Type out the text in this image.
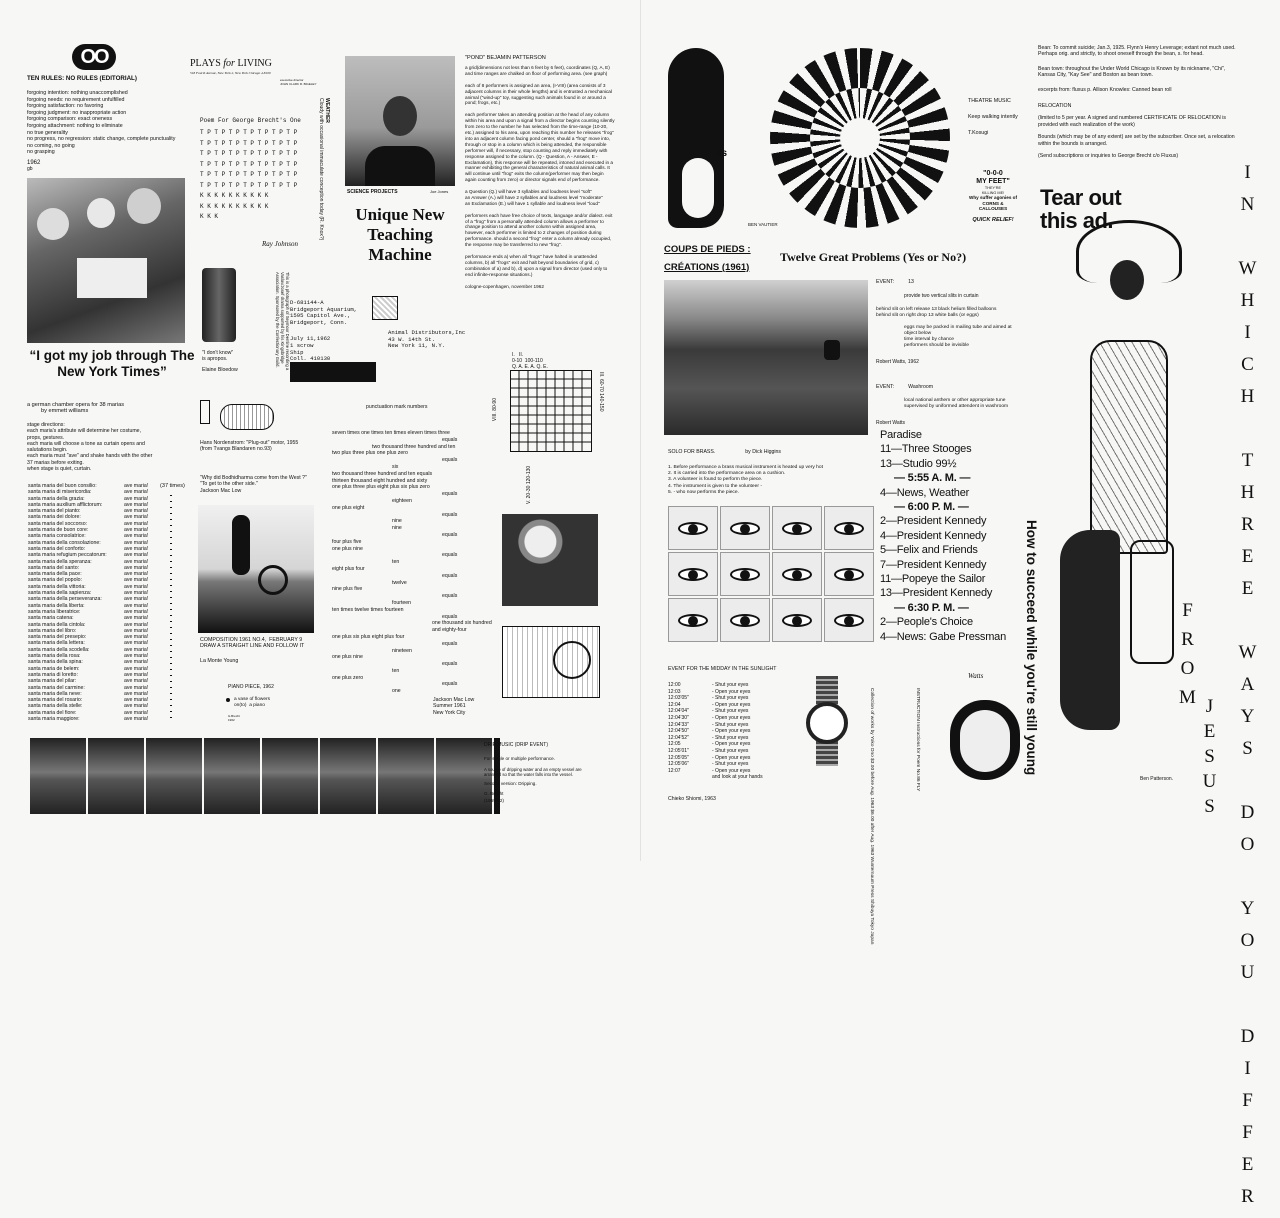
OO
TEN RULES: NO RULES (EDITORIAL)
forgoing intention: nothing unaccomplished
forgoing needs: no requirement unfulfilled
forgoing satisfaction: no favoring
forgoing judgment: no inappropriate action
forgoing comparison: exact oneness
forgoing attachment: nothing to eliminate
no true generality
no progress, no regression: static change, complete punctuality
no coming, no going
no grasping
1962
gb
“I got my job through The New York Times”
a german chamber opera for 38 marias
by emmett williams
stage directions:
each maria's attribute will determine her costume,
props, gestures.
each maria will choose a tone as curtain opens and
salutations begin.
each maria must "ave" and shake hands with the other
37 marias before exiting.
when stage is quiet, curtain.
(37 times)
santa maria del buon consilio:	ave maria!
santa maria di misericordia:	ave maria!
santa maria della grazia:	ave maria!
santa maria auxilium afflictorum:	ave maria!
santa maria del pianto:	ave maria!
santa maria dei dolore:	ave maria!
santa maria del soccorso:	ave maria!
santa maria de buon core:	ave maria!
santa maria consolatrice:	ave maria!
santa maria della consolazione:	ave maria!
santa maria del conforto:	ave maria!
santa maria refugium peccatorum:	ave maria!
santa maria della speranza:	ave maria!
santa maria del santo:	ave maria!
santa maria della pace:	ave maria!
santa maria del popolo:	ave maria!
santa maria della vittoria:	ave maria!
santa maria della sapienza:	ave maria!
santa maria della perseveranza:	ave maria!
santa maria della liberta:	ave maria!
santa maria liberatrice:	ave maria!
santa maria catena:	ave maria!
santa maria della cintola:	ave maria!
santa maria del libro:	ave maria!
santa maria del presepio:	ave maria!
santa maria della lettera:	ave maria!
santa maria della scodella:	ave maria!
santa maria della rosa:	ave maria!
santa maria della spina:	ave maria!
santa maria de belem:	ave maria!
santa maria di loretto:	ave maria!
santa maria del pilar:	ave maria!
santa maria del carmine:	ave maria!
santa maria della neve:	ave maria!
santa maria del rosario:	ave maria!
santa maria della stelle:	ave maria!
santa maria del fiore:	ave maria!
santa maria maggiore:	ave maria!
PLAYS for LIVING
518 Fourth Avenue, New York 2, New York Chicago 4-8100
executive director
JOHN CLARK R. BIGELEY
Poem For George Brecht's One
T P T P T P T P T P T P T P
T P T P T P T P T P T P T P
T P T P T P T P T P T P T P
T P T P T P T P T P T P T P
T P T P T P T P T P T P T P
T P T P T P T P T P T P T P
K K K K K K K K K K
K K K K K K K K K K
K K K
Ray Johnson
WEATHER
Cloudy with occasional immaculate conception today (R. Knox?)
This is a photograph of Seymour Dentine recording a Vaslav/Josef drama supported by his Kingsbridge Association. Sponsored by the Confectionary Guild.
SCIENCE PROJECTS	Joe Jones
Unique New Teaching Machine
"I don't know"
is apropos.
Elaine Bloedow
D-681144-A
Bridgeport Aquarium,
1595 Capitol Ave.,
Bridgeport, Conn.
July 11,1962
1 scrow
Ship
Coll. 410130

Animal Distributors,Inc
43 W. 14th St.
New York 11, N.Y.
Hans Nordenstrom: "Plug-out" motor, 1955
(from Tvangs Blandaren no.93)
punctuation mark numbers
"Why did Bodhidharma come from the West ?"
"To get to the other side."
Jackson Mac Low
COMPOSITION 1961 NO.4,  FEBRUARY 9
DRAW A STRAIGHT LINE AND FOLLOW IT
La Monte Young
PIANO PIECE, 1962
a vase of flowers
on(to)  a piano
G.Brecht
1962
seven times one times ten times eleven times three
equals
two thousand three hundred and ten
two plus three plus one plus zero
equals
six
two thousand three hundred and ten equals
thirteen thousand eight hundred and sixty
one plus three plus eight plus six plus zero
equals
eighteen
one plus eight
equals
nine
nine
equals
four plus five
one plus nine
equals
ten
eight plus four
equals
twelve
nine plus five
equals
fourteen
ten times twelve times fourteen
equals
one thousand six hundred and eighty-four
one plus six plus eight plus four
equals
nineteen
one plus nine
equals
ten
one plus zero
equals
one
Jackson Mac Low
Summer 1961
New York City
"POND" BEJAMIN PATTERSON
a grid(dimensions not less than 6 feet by 6 feet), coordinates (Q, A, E) and time ranges are chalked on floor of performing area. (see graph)

each of 8 performers is assigned an area, (I-VIII) (area consists of 3 adjacent columns in their whole lengths) and is entrusted a mechanical animal ("wind-up" toy, suggesting such animals found in or around a pond; frogs, etc.)

each performer takes an attending position at the head of any column within his area and upon a signal from a director begins counting silently from zero to the number he has selected from the time-range (10-20, etc.) assigned to his area, upon reaching this number he releases "frog" into an adjacent column facing pond center, should a "frog" move into, through or stop in a column which is being attended, the responsible performer will, if necessary, stop counting and reply immediately with response assigned to the column. (Q - Question, A - Answer, E - Exclamation), this response will be repeated, intoned and executed in a manner exhibiting the general characteristics of natural animal calls. It will continue until "frog" exits the column(performer may then begin again counting from zero) or director signals end of performance.

a Question (Q.) will have 3 syllables and loudness level "soft"
an Answer (A.) will have 2 syllables and loudness level "moderate"
an Exclamation (E.) will have 1 syllable and loudness level "loud"

performers each have free choice of texts, language and/or dialect. exit of a "frog" from a personally attended column allows a performer to change position to attend another column within assigned area, however, each performer is limited to 2 changes of position during performance. should a second "frog" enter a column already occupied, the response may be transferred to new "frog".

performance ends a) when all "frogs" have halted in unattended columns, b) all "frogs" exit and halt beyond boundaries of grid, c) combination of a) and b), d) upon a signal from director (used only to end infinite-response situations.)

cologne-copenhagen, november 1962
I.   II.
0-10  100-110
Q. A. E. A. Q. E.
III. 60-70 140-150
VIII. 80-90
V. 20-30 120-130
DRIP MUSIC (DRIP EVENT)
For single or multiple performance.
A source of dripping water and an empty vessel are
arranged so that the water falls into the vessel.
Second version: Dripping.
G. Brecht
(1959-62)
ils
BEN VAUTIER
THEATRE MUSIC
Keep walking intently
T.Kosugi
"0-0-0
MY FEET"
THEY'RE
KILLING ME!
Why suffer agonies of
CORNS &
CALLOUSES
QUICK RELIEF!
Tear out
this ad.
COUPS DE PIEDS :
CRÉATIONS (1961)
Twelve Great Problems (Yes or No?)
EVENT:	13
provide two vertical slits in curtain
behind slit on left release 13 black helium filled balloons
behind slit on right drop 13 white balls (or eggs)
eggs may be packed in mailing tube and aimed at
object below
time interval by chance
performers should be invisible
Robert Watts, 1962
EVENT:	Washroom
local national anthem or other appropriate tune
supervised by uniformed attendent in washroom
Robert Watts
Paradise
11—Three Stooges
13—Studio 99½
— 5:55 A. M. —
4—News, Weather
— 6:00 P. M. —
2—President Kennedy
4—President Kennedy
5—Felix and Friends
7—President Kennedy
11—Popeye the Sailor
13—President Kennedy
— 6:30 P. M. —
2—People's Choice
4—News: Gabe Pressman
Watts	How to succeed while you're still young
SOLO FOR BRASS.	by Dick Higgins
1. Before performance a brass musical instrument is heated up very hot
2. It is carried into the performance area on a cushion.
3. A volunteer is found to perform the piece.
4. The instrument is given to the volunteer -
5. - who now performs the piece.
EVENT FOR THE MIDDAY IN THE SUNLIGHT
12:00	- Shut your eyes
12:03	- Open your eyes
12:03'05"	- Shut your eyes
12:04	- Open your eyes
12:04'04"	- Shut your eyes
12:04'30"	- Open your eyes
12:04'33"	- Shut your eyes
12:04'50"	- Open your eyes
12:04'52"	- Shut your eyes
12:05	- Open your eyes
12:05'01"	- Shut your eyes
12:05'05"	- Open your eyes
12:05'06"	- Shut your eyes
12:07	- Open your eyes
and look at your hands
Chieko Shiomi, 1963	Collection of works by Yoko Ono $3.00 before Aug. 1963 $6.00 after Aug. 1963 Wunternaum Press Shibuya Tokyo Japan	INSTRUCTION Instructions for Poem No.86 FLY	IN WHICH THREE WAYS DO YOU DIFFER
FROM
JESUS
Ben Patterson.
Bean: To commit suicide; Jan.3, 1925. Flynn's Henry Leverage; extant not much used. Perhaps orig. and strictly, to shoot oneself through the bean, s. for head.
Bean town: throughout the Under World Chicago is Known by its nickname, "Chi", Kansas City, "Kay See" and Boston as bean town.
excerpts from: fluxus p. Allison Knowles: Canned bean roll
RELOCATION
(limited to 5 per year. A signed and numbered CERTIFICATE OF RELOCATION is provided with each realization of the work)
Bounds (which may be of any extent) are set by the subscriber. Once set, a relocation within the bounds is arranged.
(Send subscriptions or inquiries to George Brecht c/o Fluxus)
